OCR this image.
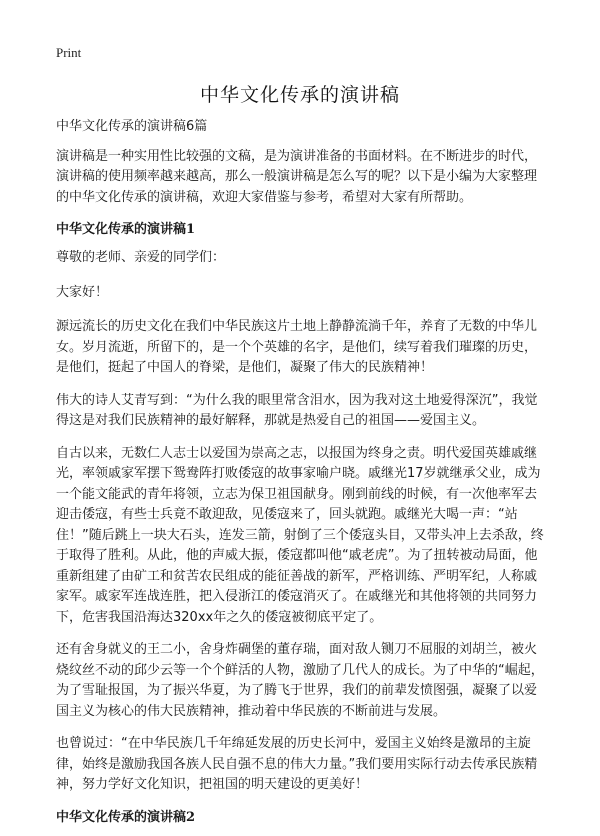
Print
中华文化传承的演讲稿

中华文化传承的演讲稿6篇

演讲稿是一种实用性比较强的文稿，是为演讲准备的书面材料。在不断进步的时代，演讲稿的使用频率越来越高，那么一般演讲稿是怎么写的呢？以下是小编为大家整理的中华文化传承的演讲稿，欢迎大家借鉴与参考，希望对大家有所帮助。

中华文化传承的演讲稿1

尊敬的老师、亲爱的同学们：

大家好！

源远流长的历史文化在我们中华民族这片土地上静静流淌千年，养育了无数的中华儿女。岁月流逝，所留下的，是一个个英雄的名字，是他们，续写着我们璀璨的历史，是他们，挺起了中国人的脊梁，是他们，凝聚了伟大的民族精神！

伟大的诗人艾青写到：“为什么我的眼里常含泪水，因为我对这土地爱得深沉”，我觉得这是对我们民族精神的最好解释，那就是热爱自己的祖国——爱国主义。

自古以来，无数仁人志士以爱国为崇高之志，以报国为终身之责。明代爱国英雄戚继光，率领戚家军摆下鸳鸯阵打败倭寇的故事家喻户晓。戚继光17岁就继承父业，成为一个能文能武的青年将领，立志为保卫祖国献身。刚到前线的时候，有一次他率军去迎击倭寇，有些士兵竟不敢迎敌，见倭寇来了，回头就跑。戚继光大喝一声：“站住！”随后跳上一块大石头，连发三箭，射倒了三个倭寇头目，又带头冲上去杀敌，终于取得了胜利。从此，他的声威大振，倭寇都叫他“戚老虎”。为了扭转被动局面，他重新组建了由矿工和贫苦农民组成的能征善战的新军，严格训练、严明军纪，人称戚家军。戚家军连战连胜，把入侵浙江的倭寇消灭了。在戚继光和其他将领的共同努力下，危害我国沿海达320xx年之久的倭寇被彻底平定了。

还有舍身就义的王二小，舍身炸碉堡的董存瑞，面对敌人铡刀不屈服的刘胡兰，被火烧纹丝不动的邱少云等一个个鲜活的人物，激励了几代人的成长。为了中华的“崛起，为了雪耻报国，为了振兴华夏，为了腾飞于世界，我们的前辈发愤图强，凝聚了以爱国主义为核心的伟大民族精神，推动着中华民族的不断前进与发展。

也曾说过：“在中华民族几千年绵延发展的历史长河中，爱国主义始终是激昂的主旋律，始终是激励我国各族人民自强不息的伟大力量。”我们要用实际行动去传承民族精神，努力学好文化知识，把祖国的明天建设的更美好！

中华文化传承的演讲稿2
